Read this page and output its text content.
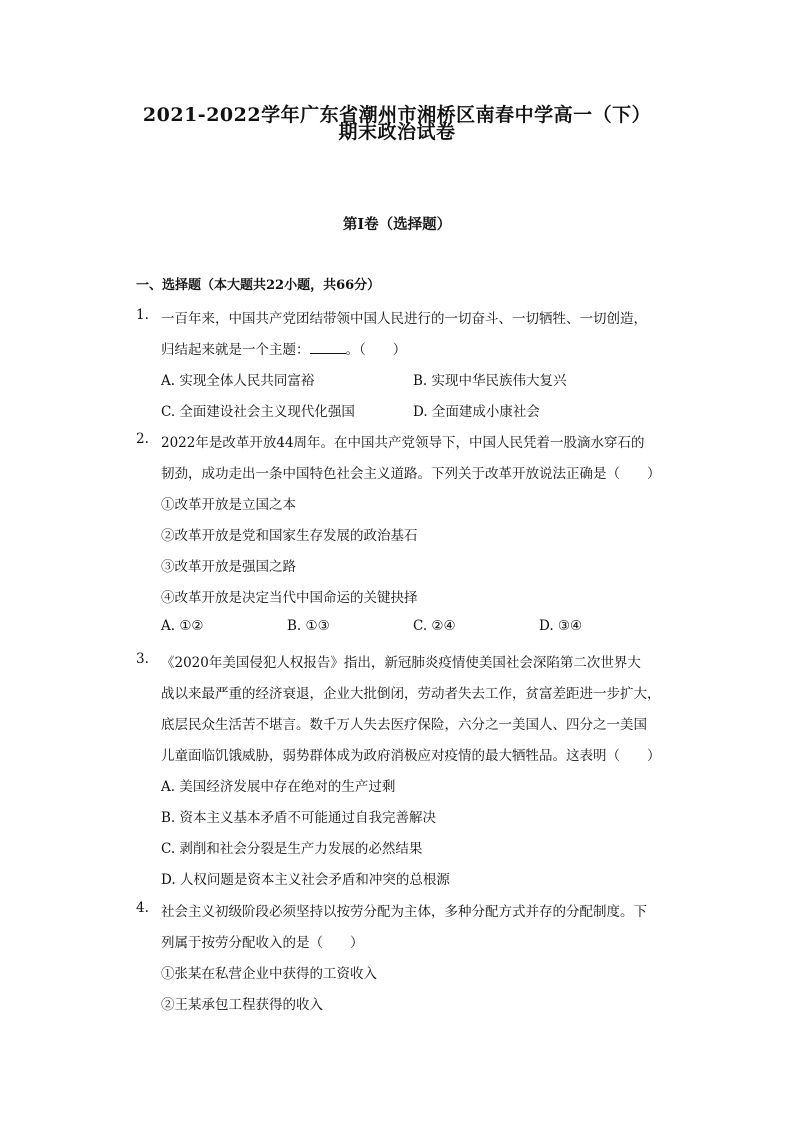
2021-2022学年广东省潮州市湘桥区南春中学高一（下）
期末政治试卷
第Ⅰ卷（选择题）
一、选择题（本大题共22小题，共66分）
1. 一百年来，中国共产党团结带领中国人民进行的一切奋斗、一切牺牲、一切创造，
归结起来就是一个主题：	。（　　）
A. 实现全体人民共同富裕	B. 实现中华民族伟大复兴
C. 全面建设社会主义现代化强国	D. 全面建成小康社会
2. 2022年是改革开放44周年。在中国共产党领导下，中国人民凭着一股滴水穿石的
韧劲，成功走出一条中国特色社会主义道路。下列关于改革开放说法正确是（　　）
①改革开放是立国之本
②改革开放是党和国家生存发展的政治基石
③改革开放是强国之路
④改革开放是决定当代中国命运的关键抉择
A. ①②	B. ①③	C. ②④	D. ③④
3. 《2020年美国侵犯人权报告》指出，新冠肺炎疫情使美国社会深陷第二次世界大
战以来最严重的经济衰退，企业大批倒闭，劳动者失去工作，贫富差距进一步扩大，
底层民众生活苦不堪言。数千万人失去医疗保险，六分之一美国人、四分之一美国
儿童面临饥饿威胁，弱势群体成为政府消极应对疫情的最大牺牲品。这表明（　　）
A. 美国经济发展中存在绝对的生产过剩
B. 资本主义基本矛盾不可能通过自我完善解决
C. 剥削和社会分裂是生产力发展的必然结果
D. 人权问题是资本主义社会矛盾和冲突的总根源
4. 社会主义初级阶段必须坚持以按劳分配为主体，多种分配方式并存的分配制度。下
列属于按劳分配收入的是（　　）
①张某在私营企业中获得的工资收入
②王某承包工程获得的收入
